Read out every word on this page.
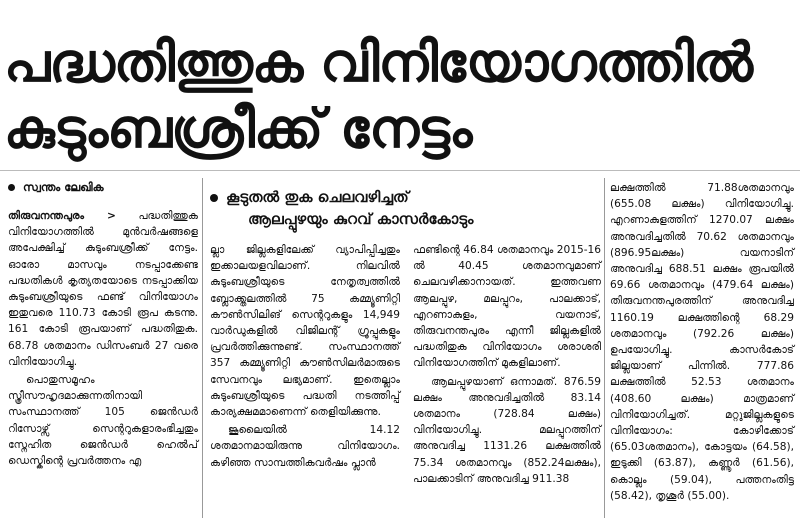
പദ്ധതിത്തുക വിനിയോഗത്തിൽ
കുടുംബശ്രീക്ക് നേട്ടം
സ്വന്തം ലേഖിക

തിരുവനന്തപുരം > പദ്ധതിത്തുക വിനിയോഗത്തിൽ മുൻവർഷങ്ങളെ അപേക്ഷിച്ച് കുടുംബശ്രീക്ക് നേട്ടം. ഓരോ മാസവും നടപ്പാക്കേണ്ട പദ്ധതികൾ കൃത്യതയോടെ നടപ്പാക്കിയ കുടുംബശ്രീയുടെ ഫണ്ട് വിനിയോഗം ഇതുവരെ 110.73 കോടി രൂപ കടന്നു. 161 കോടി രൂപയാണ് പദ്ധതിതുക. 68.78 ശതമാനം ഡിസംബർ 27 വരെ വിനിയോഗിച്ചു.

പൊതുസമൂഹം സ്ത്രീസൗഹൃദമാക്കുന്നതിനായി സംസ്ഥാനത്ത് 105 ജെൻഡർ റിസോഴ്സ് സെന്ററുകളാരംഭിച്ചതും സ്നേഹിത ജെൻഡർ ഹെൽപ് ഡെസ്കിന്റെ പ്രവർത്തനം എ

കൂടുതൽ തുക ചെലവഴിച്ചത്
ആലപ്പുഴയും കുറവ് കാസർകോടും

ല്ലാ ജില്ലകളിലേക്ക് വ്യാപിപ്പിച്ചതും ഇക്കാലയളവിലാണ്. നിലവിൽ കുടുംബശ്രീയുടെ നേതൃത്വത്തിൽ ബ്ലോക്ക്തലത്തിൽ 75 കമ്മ്യൂണിറ്റി കൗൺസിലിങ് സെന്ററുകളും 14,949 വാർഡുകളിൽ വിജിലന്റ് ഗ്രൂപ്പുകളും പ്രവർത്തിക്കുന്നുണ്ട്. സംസ്ഥാനത്ത് 357 കമ്മ്യൂണിറ്റി കൗൺസിലർമാരുടെ സേവനവും ലഭ്യമാണ്. ഇതെല്ലാം കുടുംബശ്രീയുടെ പദ്ധതി നടത്തിപ്പ് കാര്യക്ഷമമാണെന്ന് തെളിയിക്കുന്നു.

ജൂലൈയിൽ 14.12 ശതമാനമായിരുന്നു വിനിയോഗം. കഴിഞ്ഞ സാമ്പത്തികവർഷം പ്ലാൻ

ഫണ്ടിന്റെ 46.84 ശതമാനവും 2015-16 ൽ 40.45 ശതമാനവുമാണ് ചെലവഴിക്കാനായത്. ഇത്തവണ ആലപ്പുഴ, മലപ്പുറം, പാലക്കാട്, എറണാകുളം, വയനാട്, തിരുവനന്തപുരം എന്നീ ജില്ലകളിൽ പദ്ധതിതുക വിനിയോഗം ശരാശരി വിനിയോഗത്തിന് മുകളിലാണ്.

ആലപ്പുഴയാണ് ഒന്നാമത്. 876.59 ലക്ഷം അനുവദിച്ചതിൽ 83.14 ശതമാനം (728.84 ലക്ഷം) വിനിയോഗിച്ചു. മലപ്പുറത്തിന് അനുവദിച്ച 1131.26 ലക്ഷത്തിൽ 75.34 ശതമാനവും (852.24ലക്ഷം), പാലക്കാടിന് അനുവദിച്ച 911.38

ലക്ഷത്തിൽ 71.88ശതമാനവും (655.08 ലക്ഷം) വിനിയോഗിച്ചു. എറണാകുളത്തിന് 1270.07 ലക്ഷം അനുവദിച്ചതിൽ 70.62 ശതമാനവും (896.95ലക്ഷം) വയനാടിന് അനുവദിച്ച 688.51 ലക്ഷം രൂപയിൽ 69.66 ശതമാനവും (479.64 ലക്ഷം) തിരുവനന്തപുരത്തിന് അനുവദിച്ച 1160.19 ലക്ഷത്തിന്റെ 68.29 ശതമാനവും (792.26 ലക്ഷം) ഉപയോഗിച്ചു. കാസർകോട് ജില്ലയാണ് പിന്നിൽ. 777.86 ലക്ഷത്തിൽ 52.53 ശതമാനം (408.60 ലക്ഷം) മാത്രമാണ് വിനിയോഗിച്ചത്. മറ്റുജില്ലകളുടെ വിനിയോഗം: കോഴിക്കോട് (65.03ശതമാനം), കോട്ടയം (64.58), ഇടുക്കി (63.87), കണ്ണൂർ (61.56), കൊല്ലം (59.04), പത്തനംതിട്ട (58.42), തൃശൂർ (55.00).
